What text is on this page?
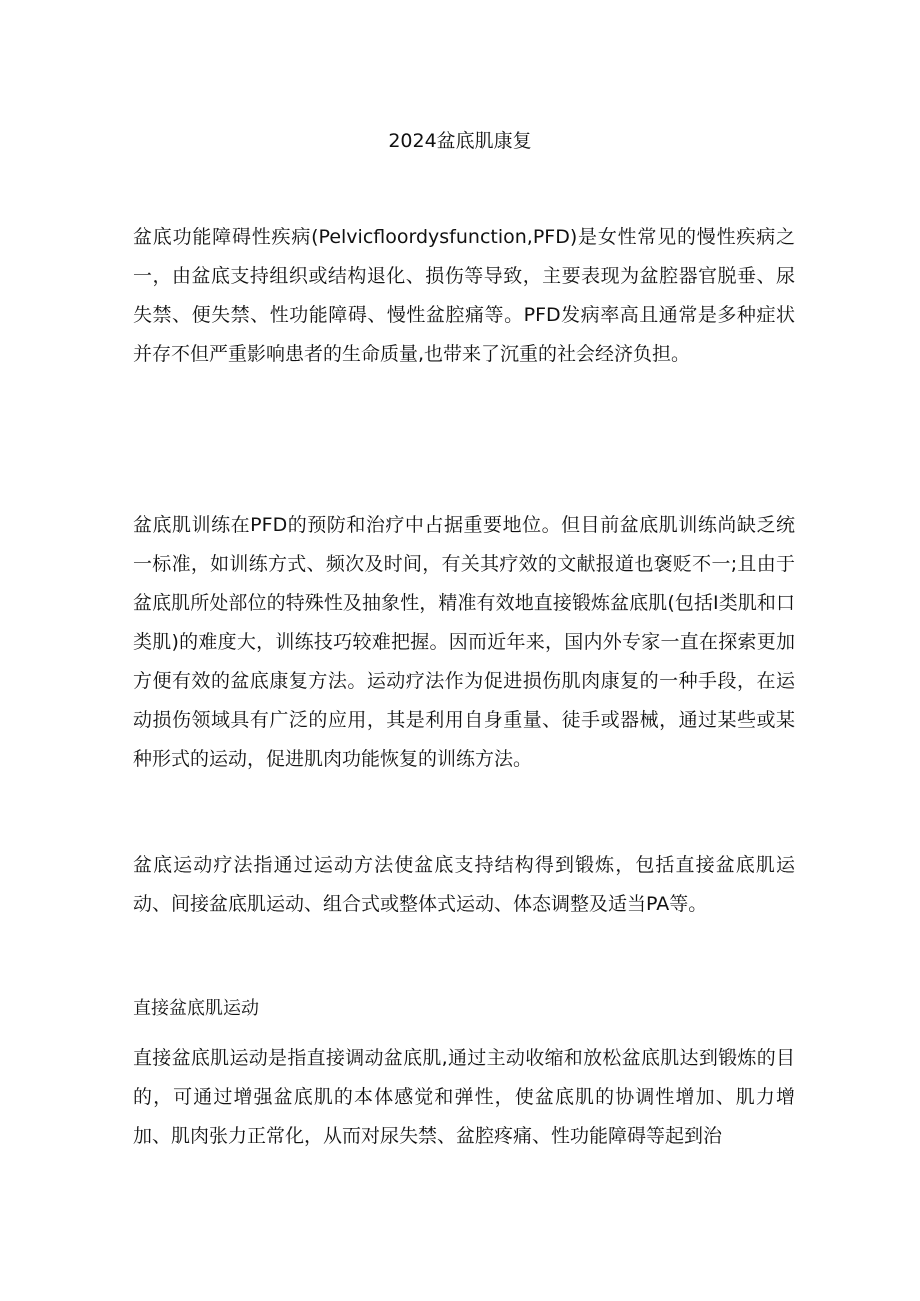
2024盆底肌康复

盆底功能障碍性疾病(Pelvicfloordysfunction,PFD)是女性常见的慢性疾病之一，由盆底支持组织或结构退化、损伤等导致，主要表现为盆腔器官脱垂、尿失禁、便失禁、性功能障碍、慢性盆腔痛等。PFD发病率高且通常是多种症状并存不但严重影响患者的生命质量,也带来了沉重的社会经济负担。

盆底肌训练在PFD的预防和治疗中占据重要地位。但目前盆底肌训练尚缺乏统一标准，如训练方式、频次及时间，有关其疗效的文献报道也褒贬不一;且由于盆底肌所处部位的特殊性及抽象性，精准有效地直接锻炼盆底肌(包括I类肌和口类肌)的难度大，训练技巧较难把握。因而近年来，国内外专家一直在探索更加方便有效的盆底康复方法。运动疗法作为促进损伤肌肉康复的一种手段，在运动损伤领域具有广泛的应用，其是利用自身重量、徒手或器械，通过某些或某种形式的运动，促进肌肉功能恢复的训练方法。

盆底运动疗法指通过运动方法使盆底支持结构得到锻炼，包括直接盆底肌运动、间接盆底肌运动、组合式或整体式运动、体态调整及适当PA等。

直接盆底肌运动

直接盆底肌运动是指直接调动盆底肌,通过主动收缩和放松盆底肌达到锻炼的目的，可通过增强盆底肌的本体感觉和弹性，使盆底肌的协调性增加、肌力增加、肌肉张力正常化，从而对尿失禁、盆腔疼痛、性功能障碍等起到治
